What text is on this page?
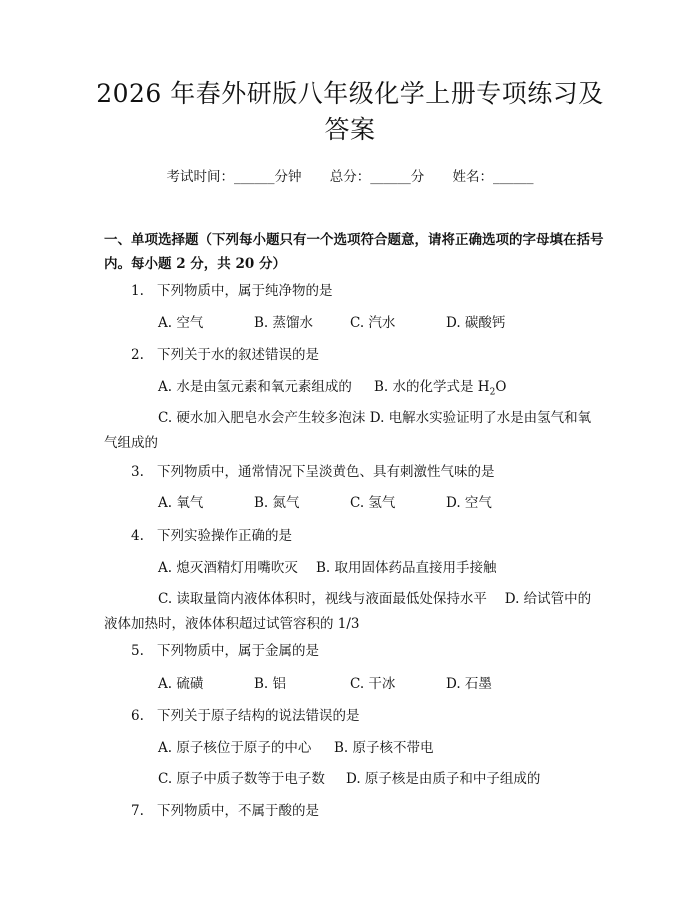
2026 年春外研版八年级化学上册专项练习及
答案
考试时间：______分钟 总分：______分 姓名：______
一、单项选择题（下列每小题只有一个选项符合题意，请将正确选项的字母填在括号内。每小题 2 分，共 20 分）
1. 下列物质中，属于纯净物的是
A. 空气	B. 蒸馏水	C. 汽水	D. 碳酸钙
2. 下列关于水的叙述错误的是
A. 水是由氢元素和氧元素组成的 B. 水的化学式是 $H_2O$
C. 硬水加入肥皂水会产生较多泡沫 D. 电解水实验证明了水是由氢气和氧气组成的
3. 下列物质中，通常情况下呈淡黄色、具有刺激性气味的是
A. 氧气	B. 氮气	C. 氢气	D. 空气
4. 下列实验操作正确的是
A. 熄灭酒精灯用嘴吹灭 B. 取用固体药品直接用手接触
C. 读取量筒内液体体积时，视线与液面最低处保持水平　 D. 给试管中的液体加热时，液体体积超过试管容积的 1/3
5. 下列物质中，属于金属的是
A. 硫磺	B. 铝	C. 干冰	D. 石墨
6. 下列关于原子结构的说法错误的是
A. 原子核位于原子的中心 B. 原子核不带电
C. 原子中质子数等于电子数 D. 原子核是由质子和中子组成的
7. 下列物质中，不属于酸的是
